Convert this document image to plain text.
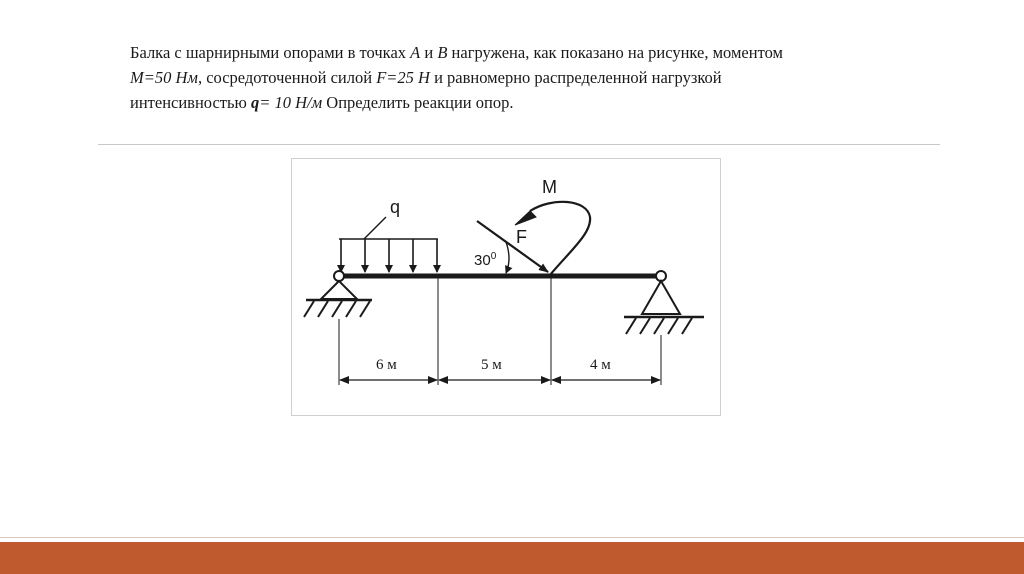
Балка с шарнирными опорами в точках A и B нагружена, как показано на рисунке, моментом
M=50 Нм, сосредоточенной силой F=25 Н и равномерно распределенной нагрузкой
интенсивностью q= 10 Н/м Определить реакции опор.
q
F
$30^0$
M
6 м	5 м	4 м
